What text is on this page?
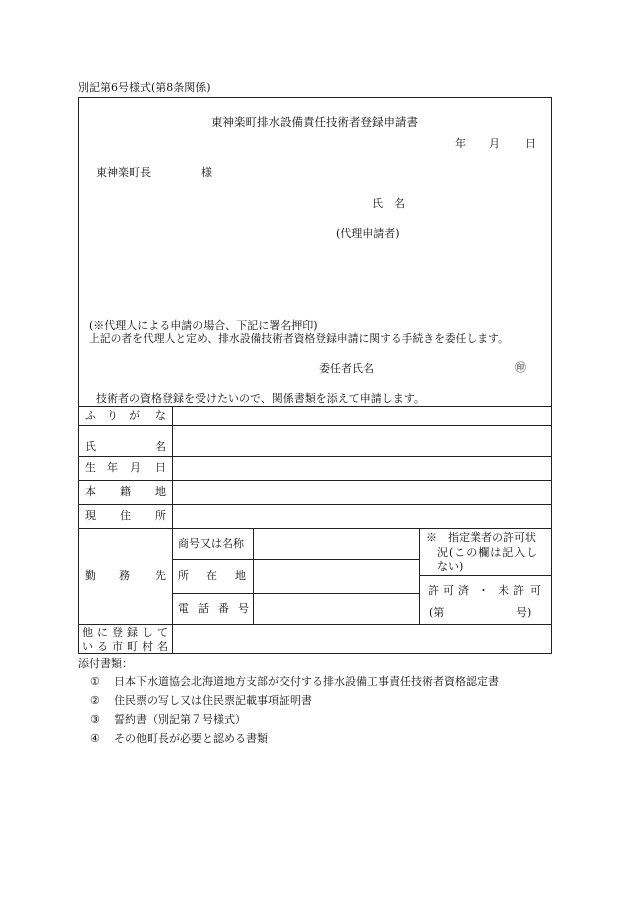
別記第6号様式(第8条関係)
東神楽町排水設備責任技術者登録申請書
年 月 日
東神楽町長	様
氏　名
(代理申請者)
(※代理人による申請の場合、下記に署名押印)
上記の者を代理人と定め、排水設備技術者資格登録申請に関する手続きを委任します。
委任者氏名	㊞
技術者の資格登録を受けたいので、関係書類を添えて申請します。
ふ り が な
氏	名
生 年 月 日
本 籍 地
現 住 所
勤 務 先
商号又は名称
所 在 地
電 話 番 号
※　指定業者の許可状
況(この欄は記入し
ない)
許 可 済 ・ 未 許 可
(第	号)
他 に 登 録 し て
い る 市 町 村 名
添付書類：
① 日本下水道協会北海道地方支部が交付する排水設備工事責任技術者資格認定書
② 住民票の写し又は住民票記載事項証明書
③ 誓約書（別記第７号様式）
④ その他町長が必要と認める書類
